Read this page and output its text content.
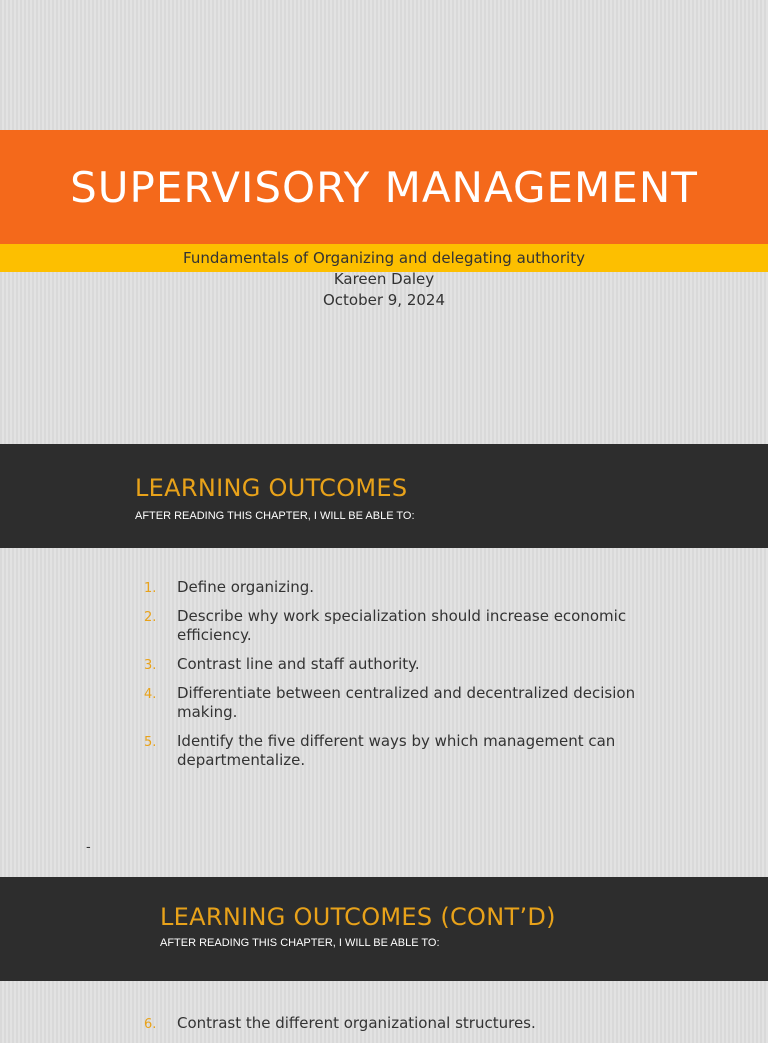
SUPERVISORY MANAGEMENT
Fundamentals of Organizing and delegating authority
Kareen Daley
October 9, 2024
LEARNING OUTCOMES
AFTER READING THIS CHAPTER, I WILL BE ABLE TO:
1. Define organizing.
2. Describe why work specialization should increase economic efficiency.
3. Contrast line and staff authority.
4. Differentiate between centralized and decentralized decision making.
5. Identify the five different ways by which management can departmentalize.
-
LEARNING OUTCOMES (CONT’D)
AFTER READING THIS CHAPTER, I WILL BE ABLE TO:
6. Contrast the different organizational structures.
